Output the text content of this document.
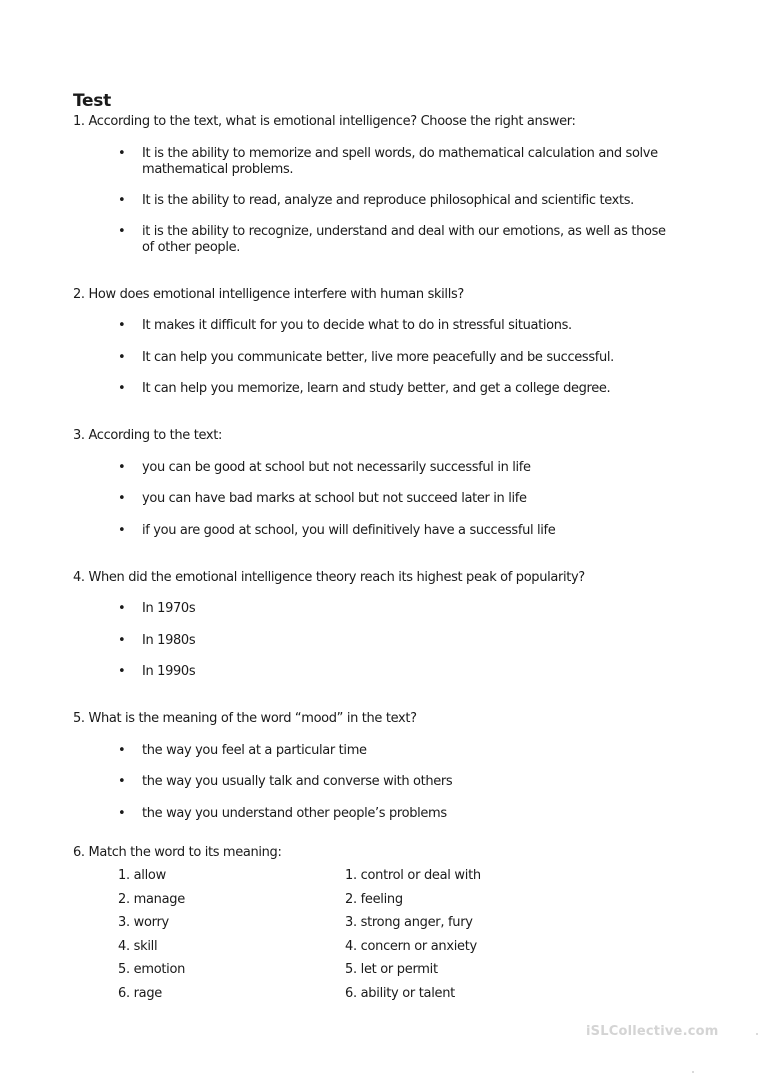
Test
1. According to the text, what is emotional intelligence? Choose the right answer:
• It is the ability to memorize and spell words, do mathematical calculation and solve mathematical problems.
• It is the ability to read, analyze and reproduce philosophical and scientific texts.
• it is the ability to recognize, understand and deal with our emotions, as well as those of other people.
2. How does emotional intelligence interfere with human skills?
• It makes it difficult for you to decide what to do in stressful situations.
• It can help you communicate better, live more peacefully and be successful.
• It can help you memorize, learn and study better, and get a college degree.
3. According to the text:
• you can be good at school but not necessarily successful in life
• you can have bad marks at school but not succeed later in life
• if you are good at school, you will definitively have a successful life
4. When did the emotional intelligence theory reach its highest peak of popularity?
• In 1970s
• In 1980s
• In 1990s
5. What is the meaning of the word “mood” in the text?
• the way you feel at a particular time
• the way you usually talk and converse with others
• the way you understand other people’s problems
6. Match the word to its meaning:
1. allow
2. manage
3. worry
4. skill
5. emotion
6. rage
1. control or deal with
2. feeling
3. strong anger, fury
4. concern or anxiety
5. let or permit
6. ability or talent
iSLCollective.com
